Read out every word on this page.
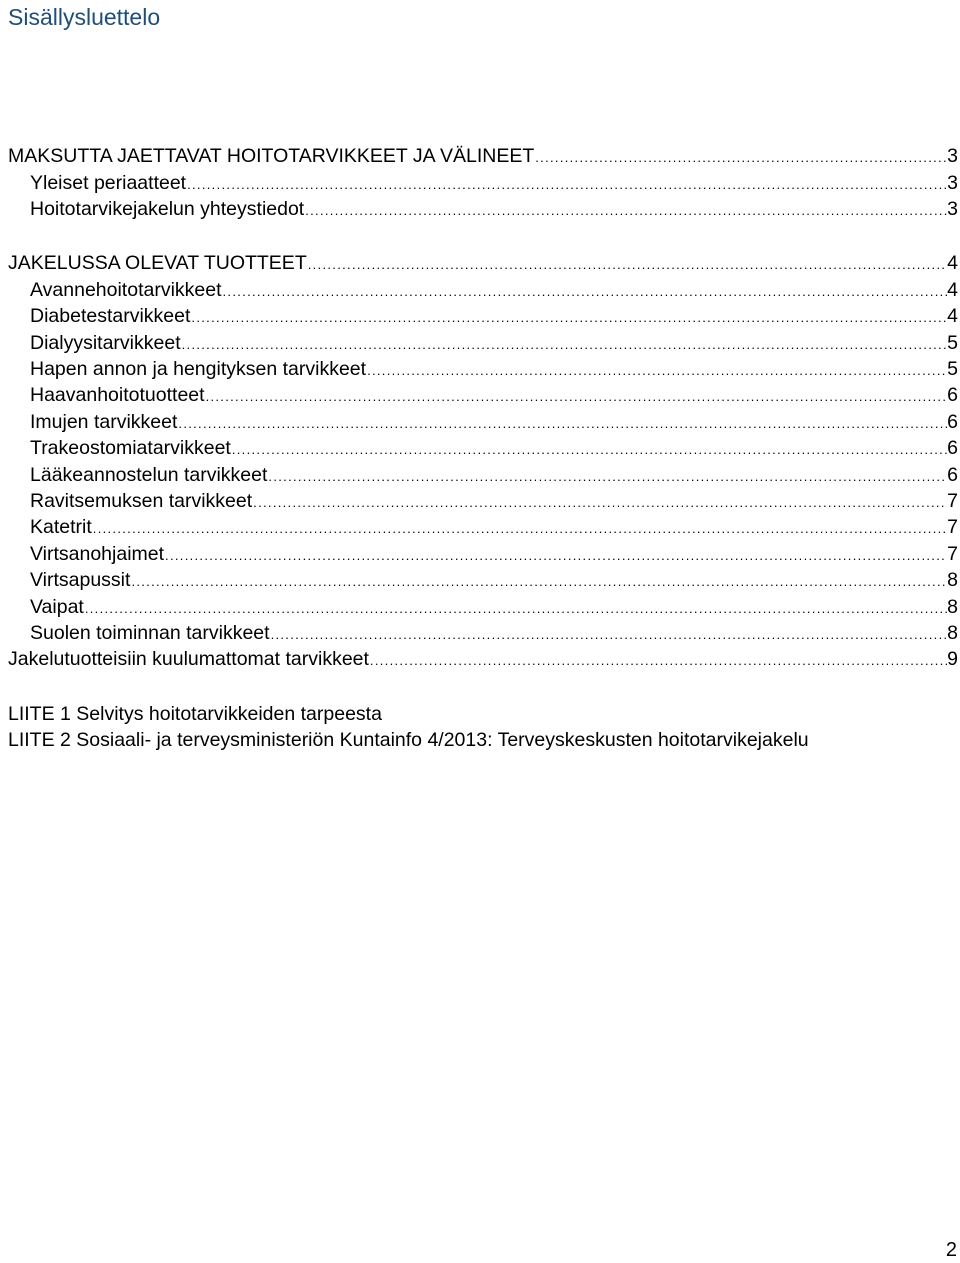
Sisällysluettelo
MAKSUTTA JAETTAVAT HOITOTARVIKKEET JA VÄLINEET .....	3
Yleiset periaatteet .....	3
Hoitotarvikejakelun yhteystiedot .....	3
JAKELUSSA OLEVAT TUOTTEET .....	4
Avannehoitotarvikkeet .....	4
Diabetestarvikkeet .....	4
Dialyysitarvikkeet .....	5
Hapen annon ja hengityksen tarvikkeet .....	5
Haavanhoitotuotteet .....	6
Imujen tarvikkeet .....	6
Trakeostomiatarvikkeet .....	6
Lääkeannostelun tarvikkeet .....	6
Ravitsemuksen tarvikkeet .....	7
Katetrit .....	7
Virtsanohjaimet .....	7
Virtsapussit .....	8
Vaipat .....	8
Suolen toiminnan tarvikkeet .....	8
Jakelutuotteisiin kuulumattomat tarvikkeet .....	9
LIITE 1 Selvitys hoitotarvikkeiden tarpeesta
LIITE 2 Sosiaali- ja terveysministeriön Kuntainfo 4/2013: Terveyskeskusten hoitotarvikejakelu
2
